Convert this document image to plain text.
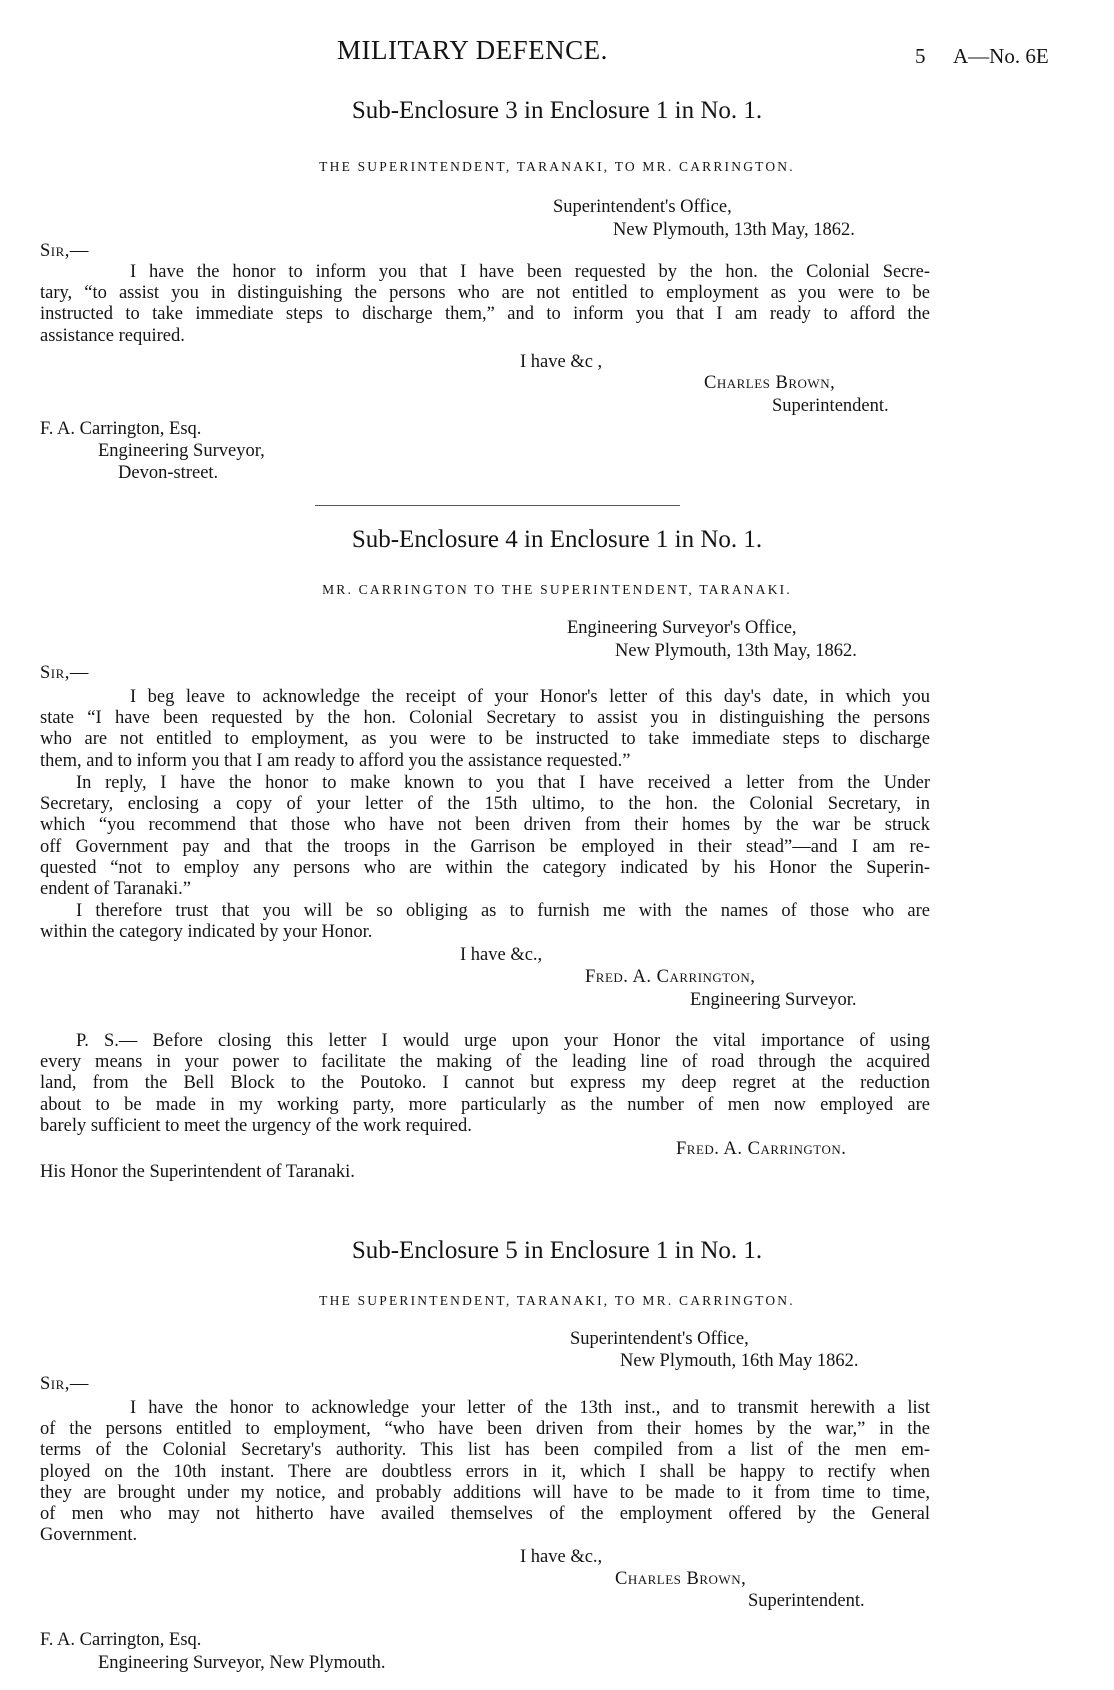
MILITARY DEFENCE.	5 A—No. 6E
Sub-Enclosure 3 in Enclosure 1 in No. 1.
THE SUPERINTENDENT, TARANAKI, TO MR. CARRINGTON.
Superintendent's Office,
New Plymouth, 13th May, 1862.
Sir,—
I have the honor to inform you that I have been requested by the hon. the Colonial Secre-
tary, “to assist you in distinguishing the persons who are not entitled to employment as you were to be
instructed to take immediate steps to discharge them,” and to inform you that I am ready to afford the
assistance required.
I have &c ,
Charles Brown,
Superintendent.
F. A. Carrington, Esq.
Engineering Surveyor,
Devon-street.
Sub-Enclosure 4 in Enclosure 1 in No. 1.
MR. CARRINGTON TO THE SUPERINTENDENT, TARANAKI.
Engineering Surveyor's Office,
New Plymouth, 13th May, 1862.
Sir,—
I beg leave to acknowledge the receipt of your Honor's letter of this day's date, in which you
state “I have been requested by the hon. Colonial Secretary to assist you in distinguishing the persons
who are not entitled to employment, as you were to be instructed to take immediate steps to discharge
them, and to inform you that I am ready to afford you the assistance requested.”
In reply, I have the honor to make known to you that I have received a letter from the Under
Secretary, enclosing a copy of your letter of the 15th ultimo, to the hon. the Colonial Secretary, in
which “you recommend that those who have not been driven from their homes by the war be struck
off Government pay and that the troops in the Garrison be employed in their stead”—and I am re-
quested “not to employ any persons who are within the category indicated by his Honor the Superin-
endent of Taranaki.”
I therefore trust that you will be so obliging as to furnish me with the names of those who are
within the category indicated by your Honor.
I have &c.,
Fred. A. Carrington,
Engineering Surveyor.
P. S.— Before closing this letter I would urge upon your Honor the vital importance of using
every means in your power to facilitate the making of the leading line of road through the acquired
land, from the Bell Block to the Poutoko. I cannot but express my deep regret at the reduction
about to be made in my working party, more particularly as the number of men now employed are
barely sufficient to meet the urgency of the work required.
Fred. A. Carrington.
His Honor the Superintendent of Taranaki.
Sub-Enclosure 5 in Enclosure 1 in No. 1.
THE SUPERINTENDENT, TARANAKI, TO MR. CARRINGTON.
Superintendent's Office,
New Plymouth, 16th May 1862.
Sir,—
I have the honor to acknowledge your letter of the 13th inst., and to transmit herewith a list
of the persons entitled to employment, “who have been driven from their homes by the war,” in the
terms of the Colonial Secretary's authority. This list has been compiled from a list of the men em-
ployed on the 10th instant. There are doubtless errors in it, which I shall be happy to rectify when
they are brought under my notice, and probably additions will have to be made to it from time to time,
of men who may not hitherto have availed themselves of the employment offered by the General
Government.
I have &c.,
Charles Brown,
Superintendent.
F. A. Carrington, Esq.
Engineering Surveyor, New Plymouth.
